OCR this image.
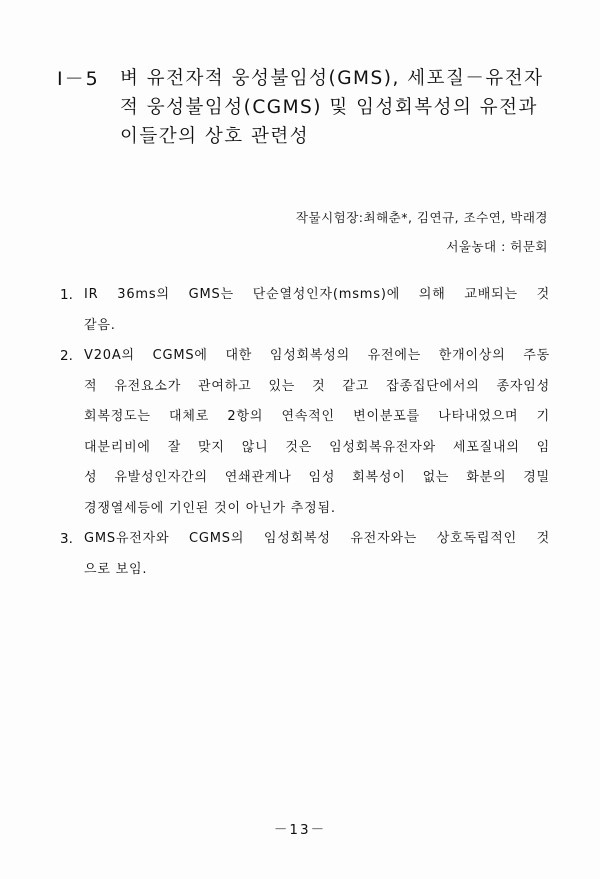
Ⅰ－5 벼 유전자적 웅성불임성(GMS), 세포질－유전자
적 웅성불임성(CGMS) 및 임성회복성의 유전과
이들간의 상호 관련성
작물시험장:최해춘*, 김연규, 조수연, 박래경
서울농대 : 허문회
1. IR 36ms의 GMS는 단순열성인자(msms)에 의해 교배되는 것
같음.
2. V20A의 CGMS에 대한 임성회복성의 유전에는 한개이상의 주동
적 유전요소가 관여하고 있는 것 같고 잡종집단에서의 종자임성
회복정도는 대체로 2항의 연속적인 변이분포를 나타내었으며 기
대분리비에 잘 맞지 않니 것은 임성회복유전자와 세포질내의 임
성 유발성인자간의 연쇄관계나 임성 회복성이 없는 화분의 경밀
경쟁열세등에 기인된 것이 아닌가 추정됨.
3. GMS유전자와 CGMS의 임성회복성 유전자와는 상호독립적인 것
으로 보임.
－13－
